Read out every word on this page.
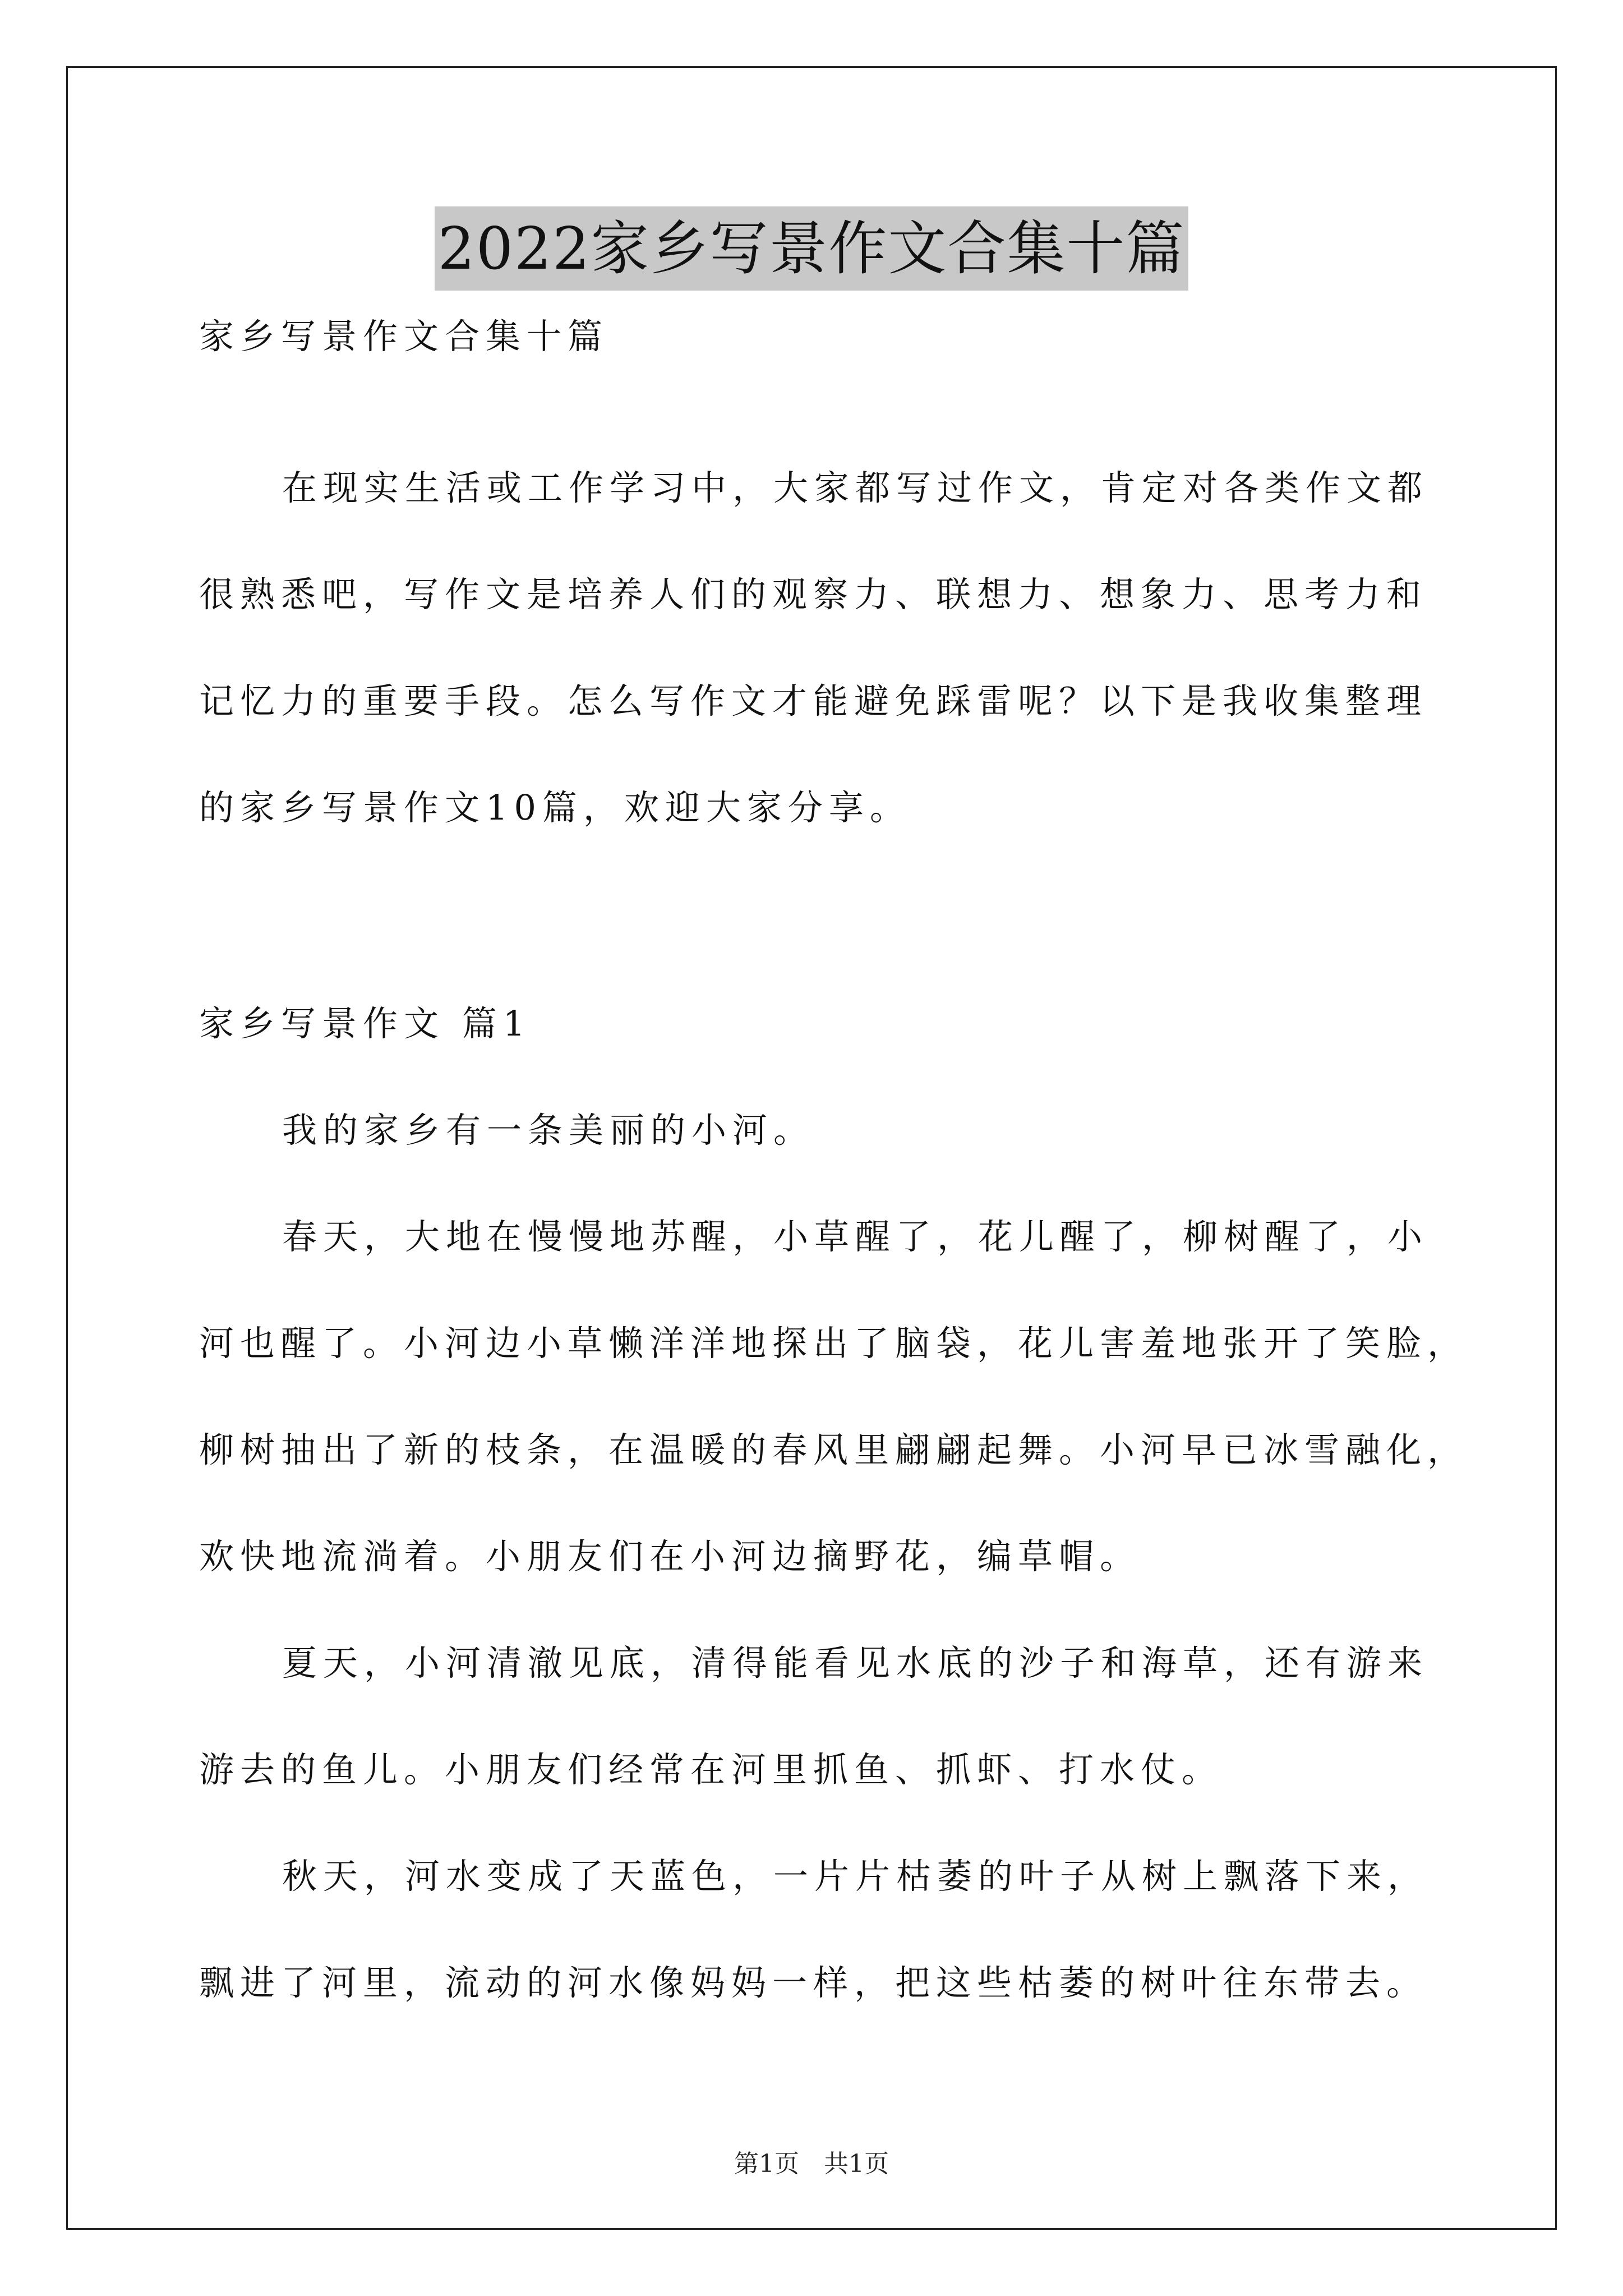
2022家乡写景作文合集十篇
家乡写景作文合集十篇
在现实生活或工作学习中，大家都写过作文，肯定对各类作文都
很熟悉吧，写作文是培养人们的观察力、联想力、想象力、思考力和
记忆力的重要手段。怎么写作文才能避免踩雷呢？以下是我收集整理
的家乡写景作文10篇，欢迎大家分享。
家乡写景作文 篇1
我的家乡有一条美丽的小河。
春天，大地在慢慢地苏醒，小草醒了，花儿醒了，柳树醒了，小
河也醒了。小河边小草懒洋洋地探出了脑袋，花儿害羞地张开了笑脸，
柳树抽出了新的枝条，在温暖的春风里翩翩起舞。小河早已冰雪融化，
欢快地流淌着。小朋友们在小河边摘野花，编草帽。
夏天，小河清澈见底，清得能看见水底的沙子和海草，还有游来
游去的鱼儿。小朋友们经常在河里抓鱼、抓虾、打水仗。
秋天，河水变成了天蓝色，一片片枯萎的叶子从树上飘落下来，
飘进了河里，流动的河水像妈妈一样，把这些枯萎的树叶往东带去。
第1页　共1页
